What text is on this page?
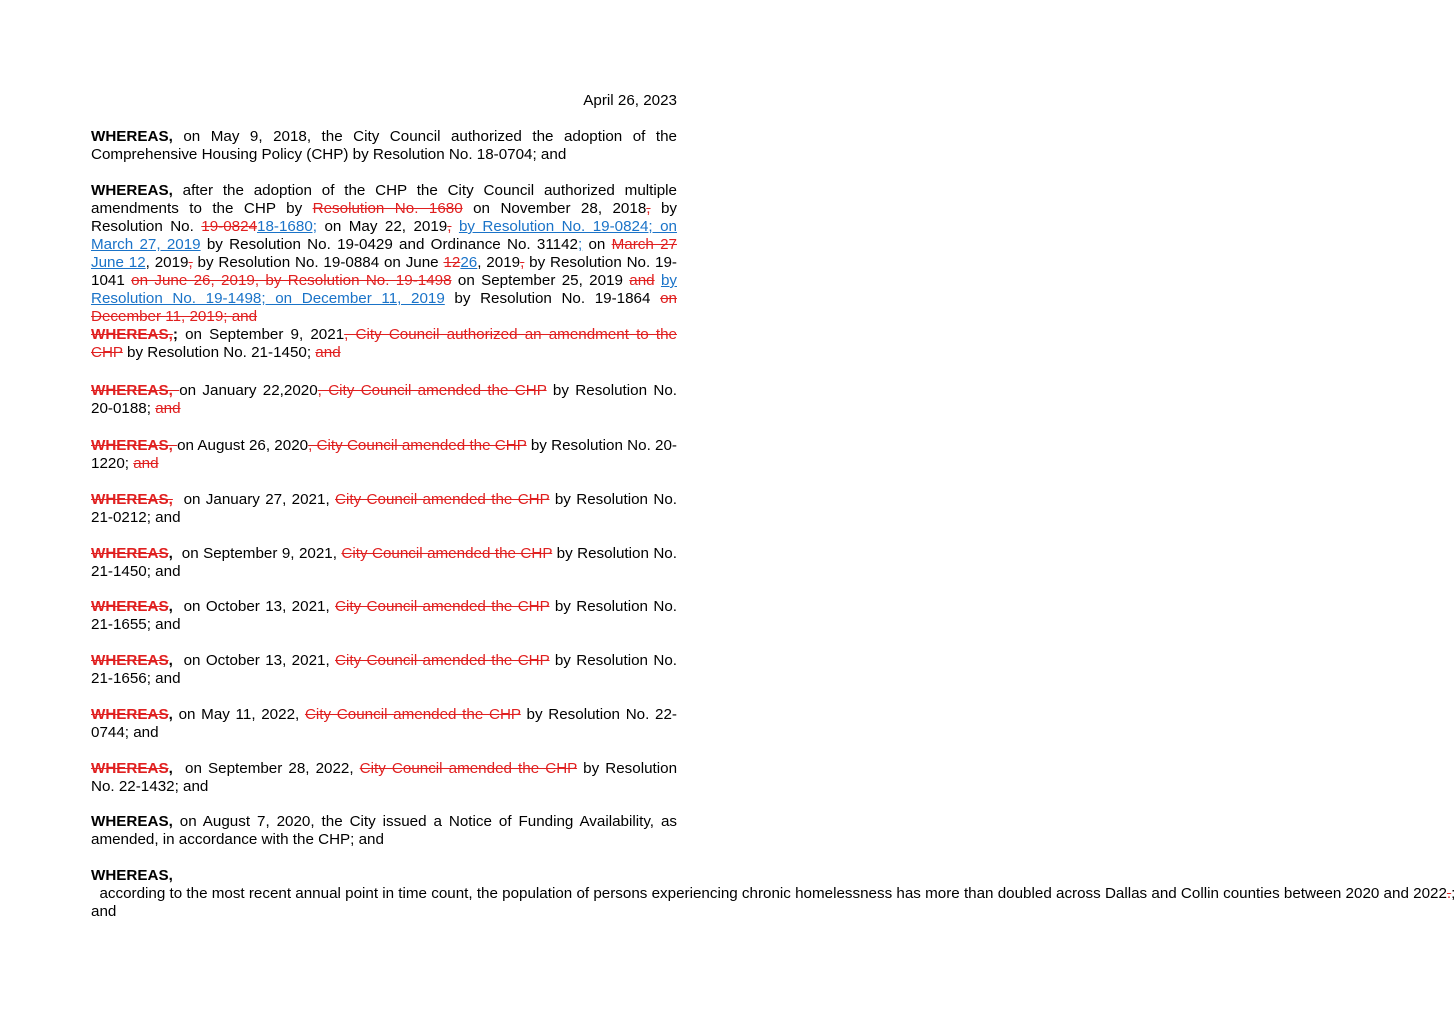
April 26, 2023
WHEREAS, on May 9, 2018, the City Council authorized the adoption of the Comprehensive Housing Policy (CHP) by Resolution No. 18-0704; and
WHEREAS, after the adoption of the CHP the City Council authorized multiple amendments to the CHP by Resolution No. 1680 on November 28, 2018, by Resolution No. 19-082418-1680; on May 22, 2019, by Resolution No. 19-0824; on March 27, 2019 by Resolution No. 19-0429 and Ordinance No. 31142; on March 27 June 12, 2019, by Resolution No. 19-0884 on June 1226, 2019, by Resolution No. 19-1041 on June 26, 2019, by Resolution No. 19-1498 on September 25, 2019 and by Resolution No. 19-1498; on December 11, 2019 by Resolution No. 19-1864 on December 11, 2019; and
WHEREAS,; on September 9, 2021, City Council authorized an amendment to the CHP by Resolution No. 21-1450; and
WHEREAS, on January 22,2020, City Council amended the CHP by Resolution No. 20-0188; and
WHEREAS, on August 26, 2020, City Council amended the CHP by Resolution No. 20-1220; and
WHEREAS,  on January 27, 2021, City Council amended the CHP by Resolution No. 21-0212; and
WHEREAS,  on September 9, 2021, City Council amended the CHP by Resolution No. 21-1450; and
WHEREAS,  on October 13, 2021, City Council amended the CHP by Resolution No. 21-1655; and
WHEREAS,  on October 13, 2021, City Council amended the CHP by Resolution No. 21-1656; and
WHEREAS, on May 11, 2022, City Council amended the CHP by Resolution No. 22-0744; and
WHEREAS,  on September 28, 2022, City Council amended the CHP by Resolution No. 22-1432; and
WHEREAS, on August 7, 2020, the City issued a Notice of Funding Availability, as amended, in accordance with the CHP; and
WHEREAS,  according to the most recent annual point in time count, the population of persons experiencing chronic homelessness has more than doubled across Dallas and Collin counties between 2020 and 2022.; and
